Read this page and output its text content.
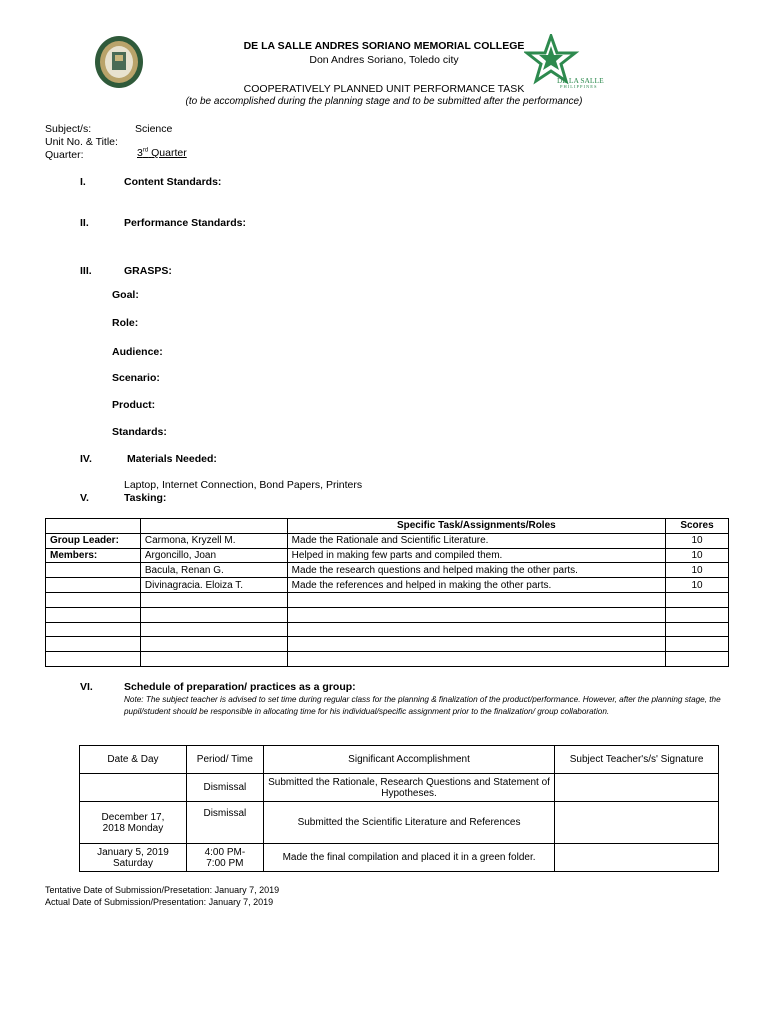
DE LA SALLE
PHILIPPINES
DE LA SALLE ANDRES SORIANO MEMORIAL COLLEGE
Don Andres Soriano, Toledo city
COOPERATIVELY PLANNED UNIT PERFORMANCE TASK
(to be accomplished during the planning stage and to be submitted after the performance)
Subject/s:	Science
Unit No. & Title:
Quarter:	3rd Quarter
I.	Content Standards:
II.	Performance Standards:
III.	GRASPS:
Goal:
Role:
Audience:
Scenario:
Product:
Standards:
IV.	Materials Needed:
Laptop, Internet Connection, Bond Papers, Printers
V.	Tasking:
		Specific Task/Assignments/Roles	Scores
Group Leader:	Carmona, Kryzell M.	Made the Rationale and Scientific Literature.	10
Members:	Argoncillo, Joan	Helped in making few parts and compiled them.	10
	Bacula, Renan G.	Made the research questions and helped making the other parts.	10
	Divinagracia. Eloiza T.	Made the references and helped in making the other parts.	10

VI.	Schedule of preparation/ practices as a group:
Note: The subject teacher is advised to set time during regular class for the planning & finalization of the product/performance. However, after the planning stage, the pupil/student should be responsible in allocating time for his individual/specific assignment prior to the finalization/ group collaboration.
Date & Day	Period/ Time	Significant Accomplishment	Subject Teacher's/s' Signature
	Dismissal	Submitted the Rationale, Research Questions and Statement of Hypotheses.	
December 17, 2018 Monday	Dismissal	Submitted the Scientific Literature and References	
January 5, 2019 Saturday	4:00 PM- 7:00 PM	Made the final compilation and placed it in a green folder.	
Tentative Date of Submission/Presetation: January 7, 2019
Actual Date of Submission/Presentation: January 7, 2019
